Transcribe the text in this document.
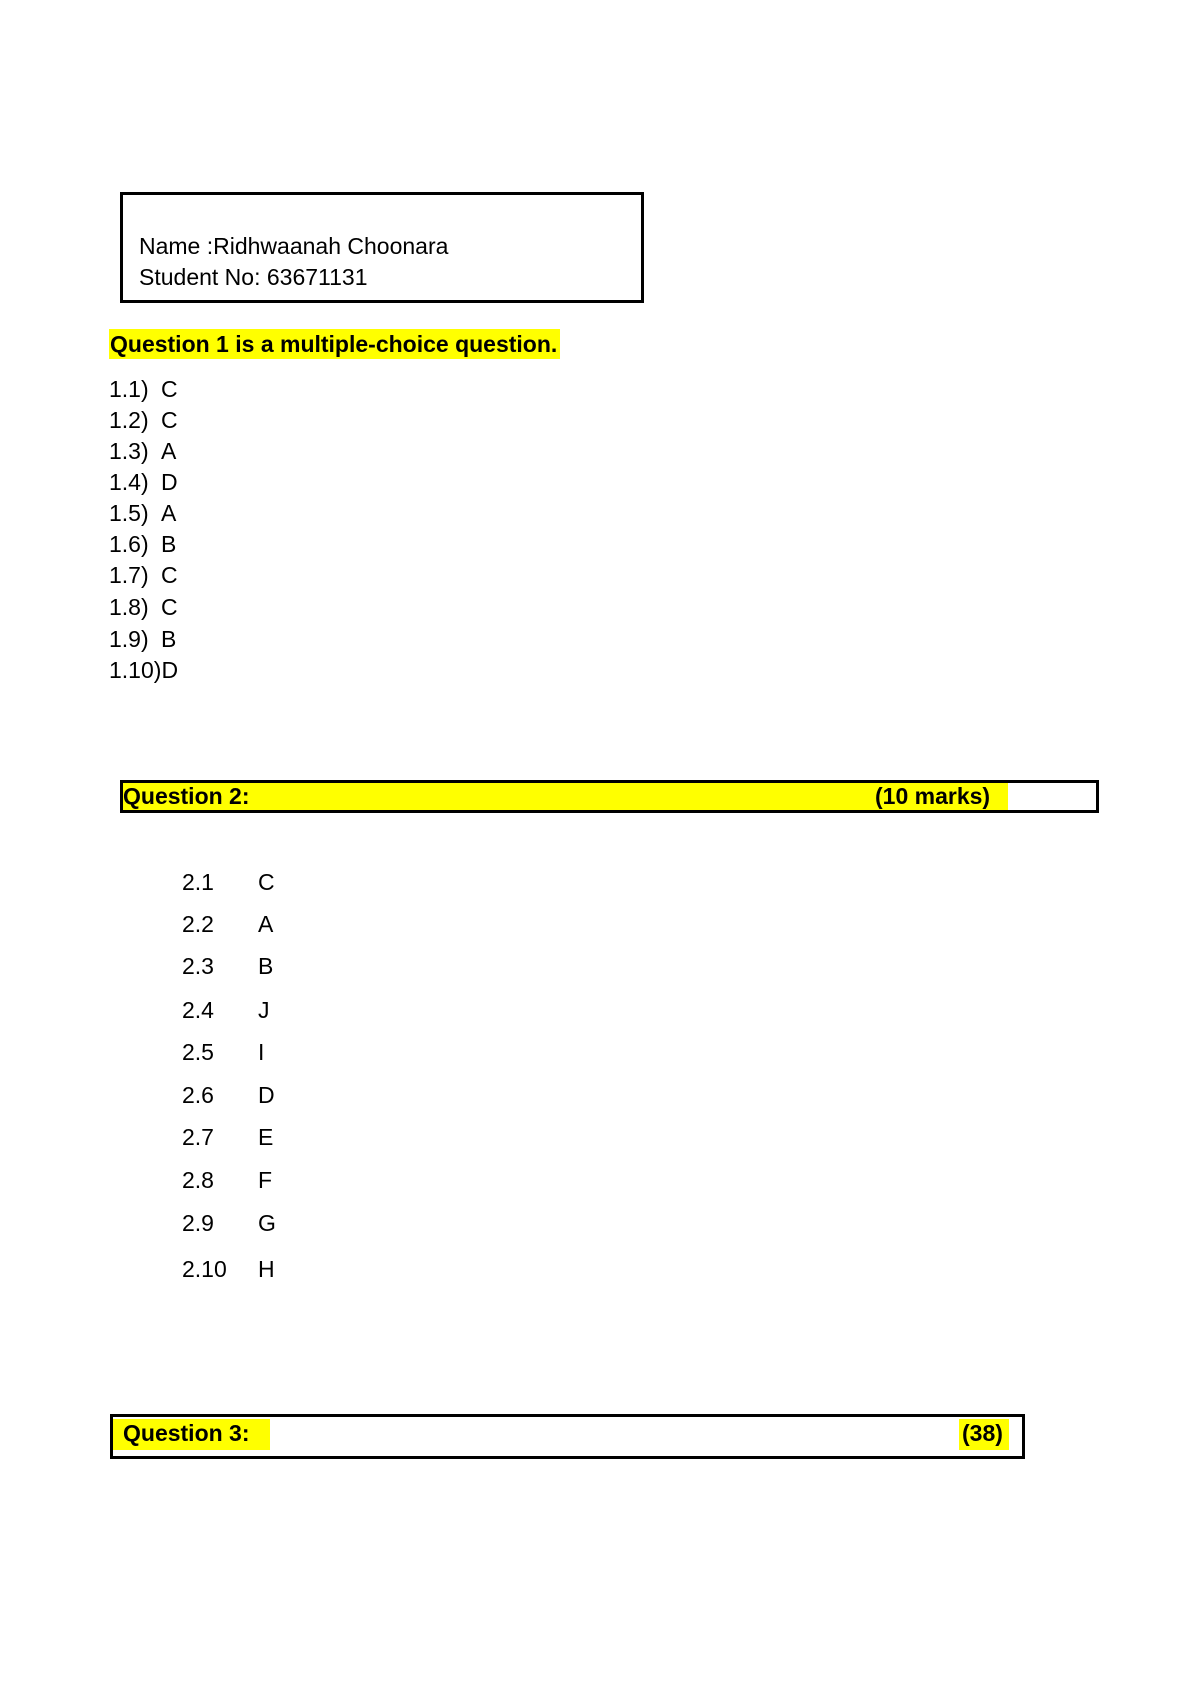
Name :Ridhwaanah Choonara
Student No: 63671131
Question 1 is a multiple-choice question.
1.1) C
1.2) C
1.3) A
1.4) D
1.5) A
1.6) B
1.7) C
1.8) C
1.9) B
1.10)D
Question 2:	(10 marks)
2.1 C
2.2 A
2.3 B
2.4 J
2.5 I
2.6 D
2.7 E
2.8 F
2.9 G
2.10 H
Question 3:	(38)
